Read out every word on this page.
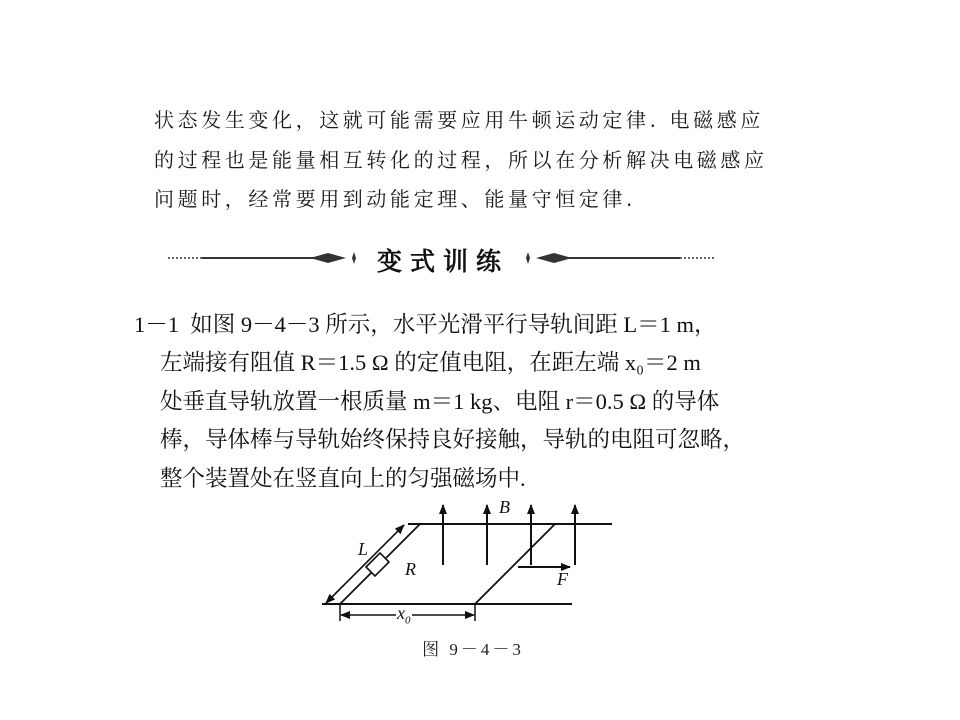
状态发生变化，这就可能需要应用牛顿运动定律. 电磁感应
的过程也是能量相互转化的过程，所以在分析解决电磁感应
问题时，经常要用到动能定理、能量守恒定律.
变式训练
1－1 如图 9－4－3 所示，水平光滑平行导轨间距 L＝1 m，
左端接有阻值 R＝1.5 Ω 的定值电阻，在距左端 x₀＝2 m
处垂直导轨放置一根质量 m＝1 kg、电阻 r＝0.5 Ω 的导体
棒，导体棒与导轨始终保持良好接触，导轨的电阻可忽略，
整个装置处在竖直向上的匀强磁场中.
B
L
R	F
$x_0$
图 9－4－3
